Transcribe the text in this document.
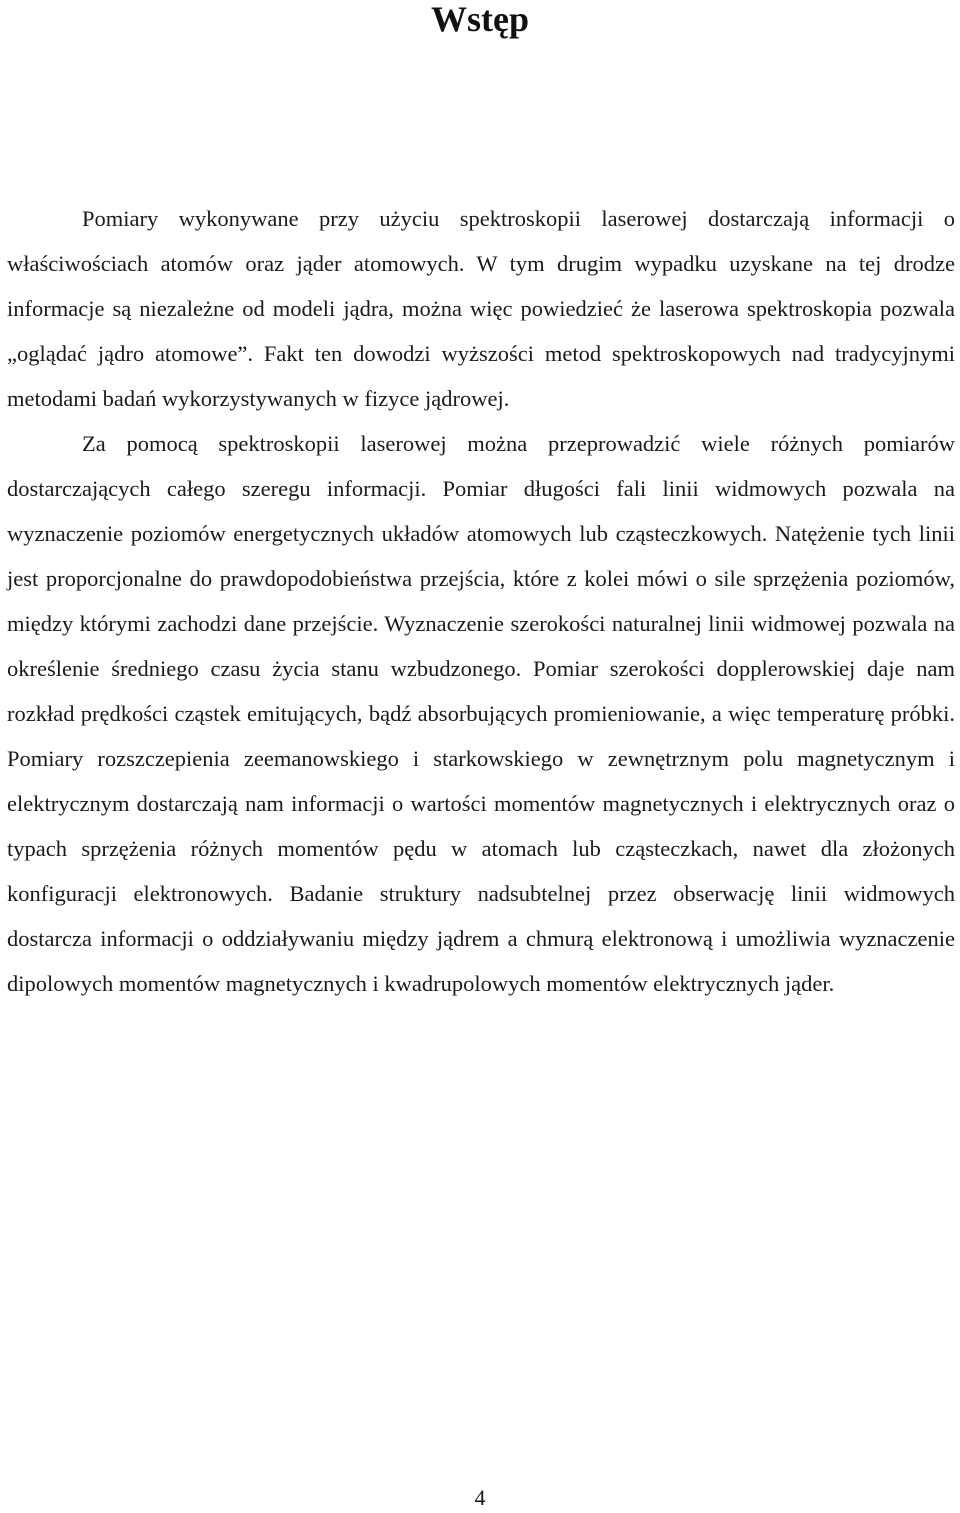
Wstęp

Pomiary wykonywane przy użyciu spektroskopii laserowej dostarczają informacji o właściwościach atomów oraz jąder atomowych. W tym drugim wypadku uzyskane na tej drodze informacje są niezależne od modeli jądra, można więc powiedzieć że laserowa spektroskopia pozwala „oglądać jądro atomowe”. Fakt ten dowodzi wyższości metod spektroskopowych nad tradycyjnymi metodami badań wykorzystywanych w fizyce jądrowej.

Za pomocą spektroskopii laserowej można przeprowadzić wiele różnych pomiarów dostarczających całego szeregu informacji. Pomiar długości fali linii widmowych pozwala na wyznaczenie poziomów energetycznych układów atomowych lub cząsteczkowych. Natężenie tych linii jest proporcjonalne do prawdopodobieństwa przejścia, które z kolei mówi o sile sprzężenia poziomów, między którymi zachodzi dane przejście. Wyznaczenie szerokości naturalnej linii widmowej pozwala na określenie średniego czasu życia stanu wzbudzonego. Pomiar szerokości dopplerowskiej daje nam rozkład prędkości cząstek emitujących, bądź absorbujących promieniowanie, a więc temperaturę próbki. Pomiary rozszczepienia zeemanowskiego i starkowskiego w zewnętrznym polu magnetycznym i elektrycznym dostarczają nam informacji o wartości momentów magnetycznych i elektrycznych oraz o typach sprzężenia różnych momentów pędu w atomach lub cząsteczkach, nawet dla złożonych konfiguracji elektronowych. Badanie struktury nadsubtelnej przez obserwację linii widmowych dostarcza informacji o oddziaływaniu między jądrem a chmurą elektronową i umożliwia wyznaczenie dipolowych momentów magnetycznych i kwadrupolowych momentów elektrycznych jąder.

4
